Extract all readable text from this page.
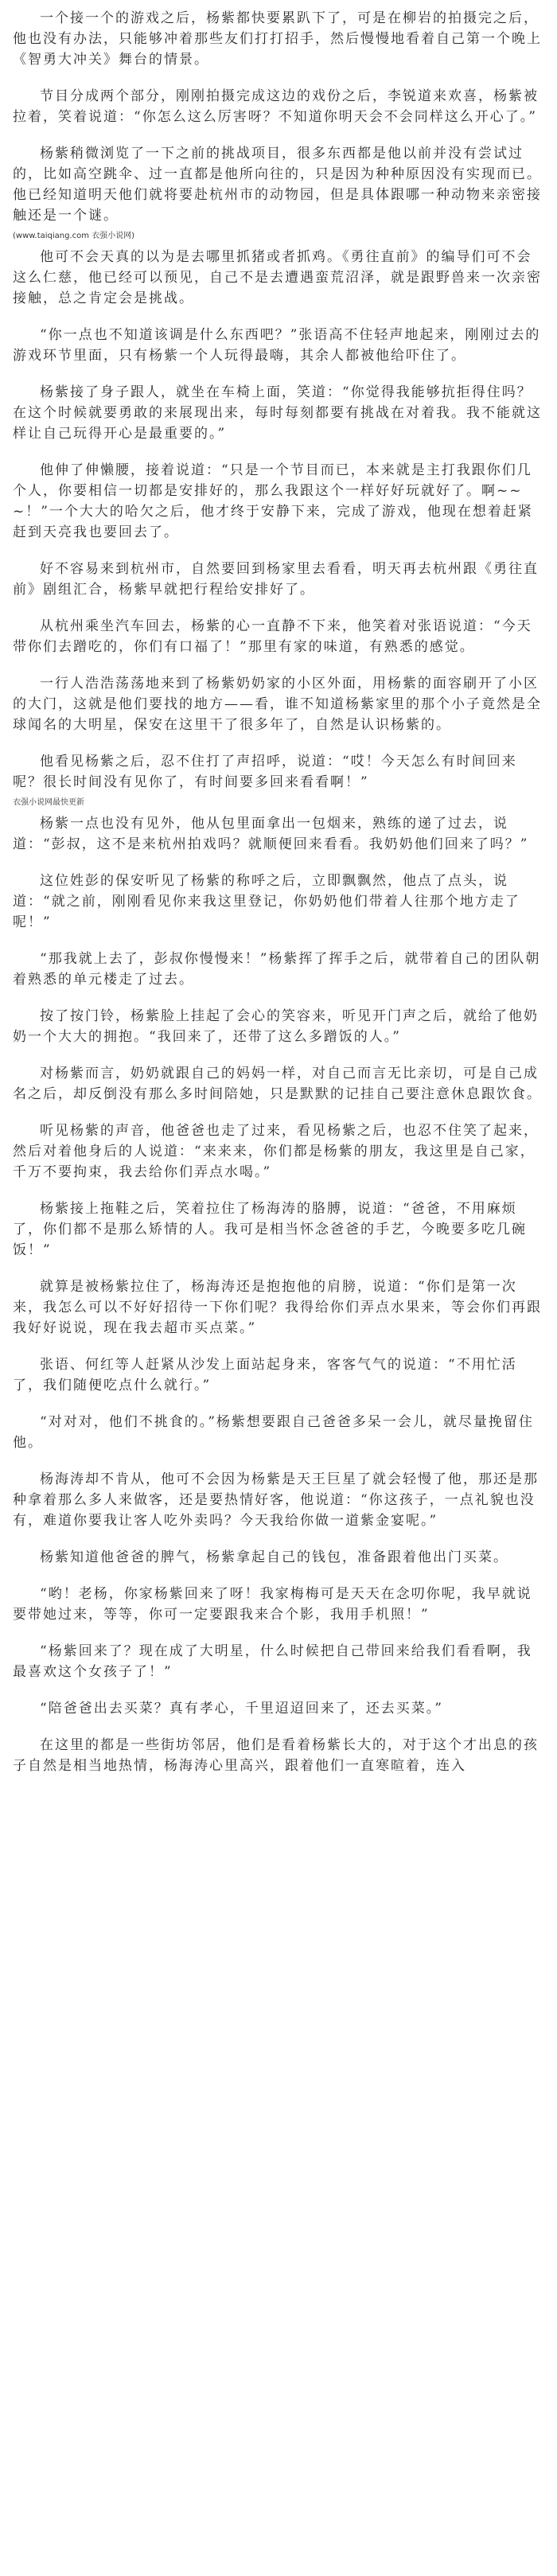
一个接一个的游戏之后，杨紫都快要累趴下了，可是在柳岩的拍摄完之后，他也没有办法，只能够冲着那些友们打打招手，然后慢慢地看着自己第一个晚上《智勇大冲关》舞台的情景。

节目分成两个部分，刚刚拍摄完成这边的戏份之后，李锐道来欢喜，杨紫被拉着，笑着说道：“你怎么这么厉害呀？不知道你明天会不会同样这么开心了。”

杨紫稍微浏览了一下之前的挑战项目，很多东西都是他以前并没有尝试过的，比如高空跳伞、过一直都是他所向往的，只是因为种种原因没有实现而已。他已经知道明天他们就将要赴杭州市的动物园，但是具体跟哪一种动物来亲密接触还是一个谜。

(www.taiqiang.com 衣强小说网)

他可不会天真的以为是去哪里抓猪或者抓鸡。《勇往直前》的编导们可不会这么仁慈，他已经可以预见，自己不是去遭遇蛮荒沼泽，就是跟野兽来一次亲密接触，总之肯定会是挑战。

“你一点也不知道该调是什么东西吧？”张语高不住轻声地起来，刚刚过去的游戏环节里面，只有杨紫一个人玩得最嗨，其余人都被他给吓住了。

杨紫接了身子跟人，就坐在车椅上面，笑道：“你觉得我能够抗拒得住吗？在这个时候就要勇敢的来展现出来，每时每刻都要有挑战在对着我。我不能就这样让自己玩得开心是最重要的。”

他伸了伸懒腰，接着说道：“只是一个节目而已，本来就是主打我跟你们几个人，你要相信一切都是安排好的，那么我跟这个一样好好玩就好了。啊~~~！”一个大大的哈欠之后，他才终于安静下来，完成了游戏，他现在想着赶紧赶到天亮我也要回去了。

好不容易来到杭州市，自然要回到杨家里去看看，明天再去杭州跟《勇往直前》剧组汇合，杨紫早就把行程给安排好了。

从杭州乘坐汽车回去，杨紫的心一直静不下来，他笑着对张语说道：“今天带你们去蹭吃的，你们有口福了！”那里有家的味道，有熟悉的感觉。

一行人浩浩荡荡地来到了杨紫奶奶家的小区外面，用杨紫的面容刷开了小区的大门，这就是他们要找的地方——看，谁不知道杨紫家里的那个小子竟然是全球闻名的大明星，保安在这里干了很多年了，自然是认识杨紫的。

他看见杨紫之后，忍不住打了声招呼，说道：“哎！今天怎么有时间回来呢？很长时间没有见你了，有时间要多回来看看啊！”

衣强小说网最快更新

杨紫一点也没有见外，他从包里面拿出一包烟来，熟练的递了过去，说道：“彭叔，这不是来杭州拍戏吗？就顺便回来看看。我奶奶他们回来了吗？”

这位姓彭的保安听见了杨紫的称呼之后，立即飘飘然，他点了点头，说道：“就之前，刚刚看见你来我这里登记，你奶奶他们带着人往那个地方走了呢！”

“那我就上去了，彭叔你慢慢来！”杨紫挥了挥手之后，就带着自己的团队朝着熟悉的单元楼走了过去。

按了按门铃，杨紫脸上挂起了会心的笑容来，听见开门声之后，就给了他奶奶一个大大的拥抱。“我回来了，还带了这么多蹭饭的人。”

对杨紫而言，奶奶就跟自己的妈妈一样，对自己而言无比亲切，可是自己成名之后，却反倒没有那么多时间陪她，只是默默的记挂自己要注意休息跟饮食。

听见杨紫的声音，他爸爸也走了过来，看见杨紫之后，也忍不住笑了起来，然后对着他身后的人说道：“来来来，你们都是杨紫的朋友，我这里是自己家，千万不要拘束，我去给你们弄点水喝。”

杨紫接上拖鞋之后，笑着拉住了杨海涛的胳膊，说道：“爸爸，不用麻烦了，你们都不是那么矫情的人。我可是相当怀念爸爸的手艺，今晚要多吃几碗饭！”

就算是被杨紫拉住了，杨海涛还是抱抱他的肩膀，说道：“你们是第一次来，我怎么可以不好好招待一下你们呢？我得给你们弄点水果来，等会你们再跟我好好说说，现在我去超市买点菜。”

张语、何红等人赶紧从沙发上面站起身来，客客气气的说道：“不用忙活了，我们随便吃点什么就行。”

“对对对，他们不挑食的。”杨紫想要跟自己爸爸多呆一会儿，就尽量挽留住他。

杨海涛却不肯从，他可不会因为杨紫是天王巨星了就会轻慢了他，那还是那种拿着那么多人来做客，还是要热情好客，他说道：“你这孩子，一点礼貌也没有，难道你要我让客人吃外卖吗？今天我给你做一道紫金宴呢。”

杨紫知道他爸爸的脾气，杨紫拿起自己的钱包，准备跟着他出门买菜。

“哟！老杨，你家杨紫回来了呀！我家梅梅可是天天在念叨你呢，我早就说要带她过来，等等，你可一定要跟我来合个影，我用手机照！”

“杨紫回来了？现在成了大明星，什么时候把自己带回来给我们看看啊，我最喜欢这个女孩子了！”

“陪爸爸出去买菜？真有孝心，千里迢迢回来了，还去买菜。”

在这里的都是一些街坊邻居，他们是看着杨紫长大的，对于这个才出息的孩子自然是相当地热情，杨海涛心里高兴，跟着他们一直寒暄着，连入
